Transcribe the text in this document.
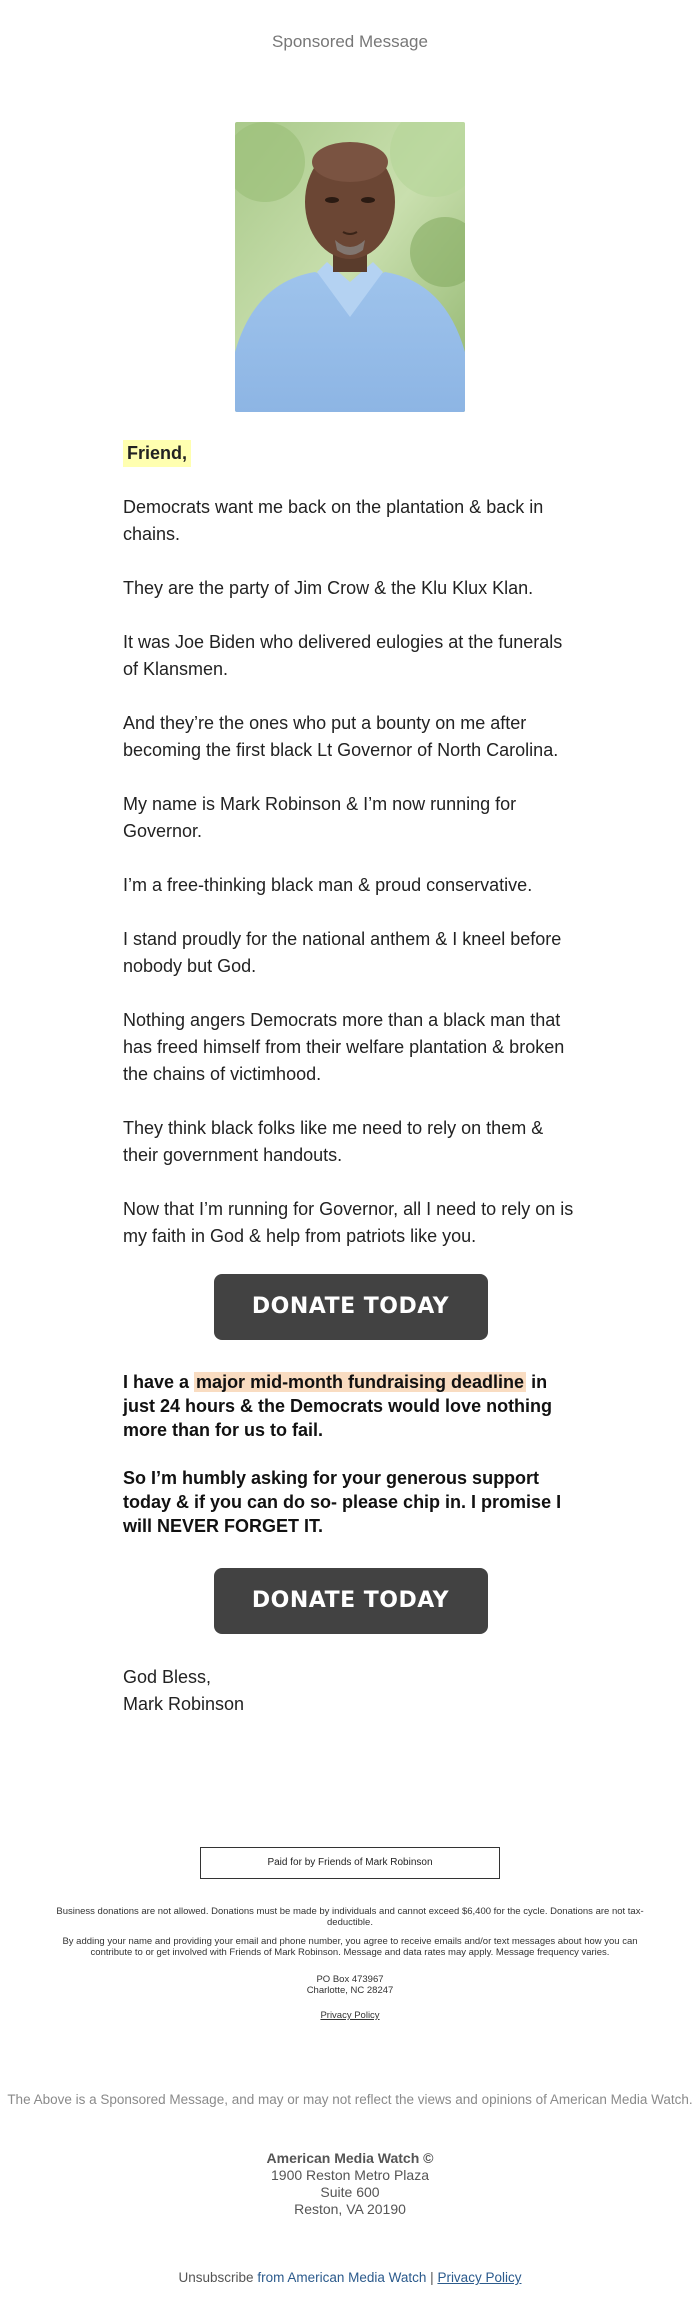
Sponsored Message

Friend,

Democrats want me back on the plantation & back in chains.

They are the party of Jim Crow & the Klu Klux Klan.

It was Joe Biden who delivered eulogies at the funerals of Klansmen.

And they’re the ones who put a bounty on me after becoming the first black Lt Governor of North Carolina.

My name is Mark Robinson & I’m now running for Governor.

I’m a free-thinking black man & proud conservative.

I stand proudly for the national anthem & I kneel before nobody but God.

Nothing angers Democrats more than a black man that has freed himself from their welfare plantation & broken the chains of victimhood.

They think black folks like me need to rely on them & their government handouts.

Now that I’m running for Governor, all I need to rely on is my faith in God & help from patriots like you.

DONATE TODAY

I have a major mid-month fundraising deadline in just 24 hours & the Democrats would love nothing more than for us to fail.

So I’m humbly asking for your generous support today & if you can do so- please chip in. I promise I will NEVER FORGET IT.

DONATE TODAY
God Bless,
Mark Robinson
Paid for by Friends of Mark Robinson
Business donations are not allowed. Donations must be made by individuals and cannot exceed $6,400 for the cycle. Donations are not tax-deductible.
By adding your name and providing your email and phone number, you agree to receive emails and/or text messages about how you can contribute to or get involved with Friends of Mark Robinson. Message and data rates may apply. Message frequency varies.
PO Box 473967
Charlotte, NC 28247
Privacy Policy
The Above is a Sponsored Message, and may or may not reflect the views and opinions of American Media Watch.
American Media Watch ©
1900 Reston Metro Plaza
Suite 600
Reston, VA 20190
Unsubscribe from American Media Watch | Privacy Policy
